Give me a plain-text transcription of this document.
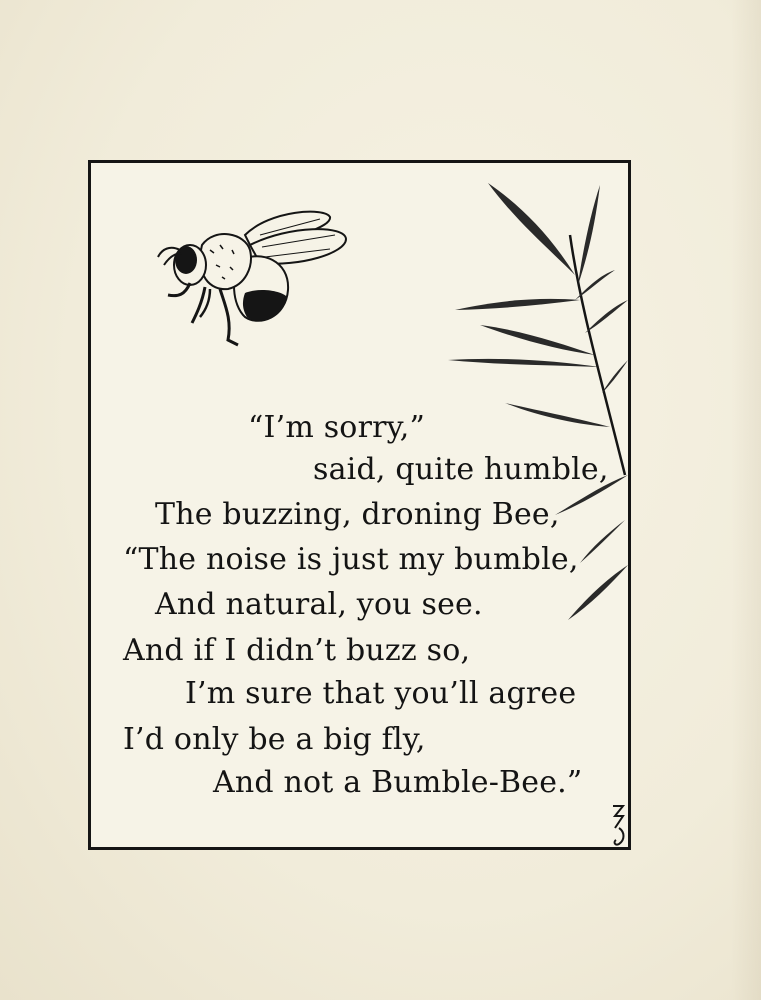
“I’m sorry,”
said, quite humble,
The buzzing, droning Bee,
“The noise is just my bumble,
And natural, you see.
And if I didn’t buzz so,
I’m sure that you’ll agree
I’d only be a big fly,
And not a Bumble-Bee.”
